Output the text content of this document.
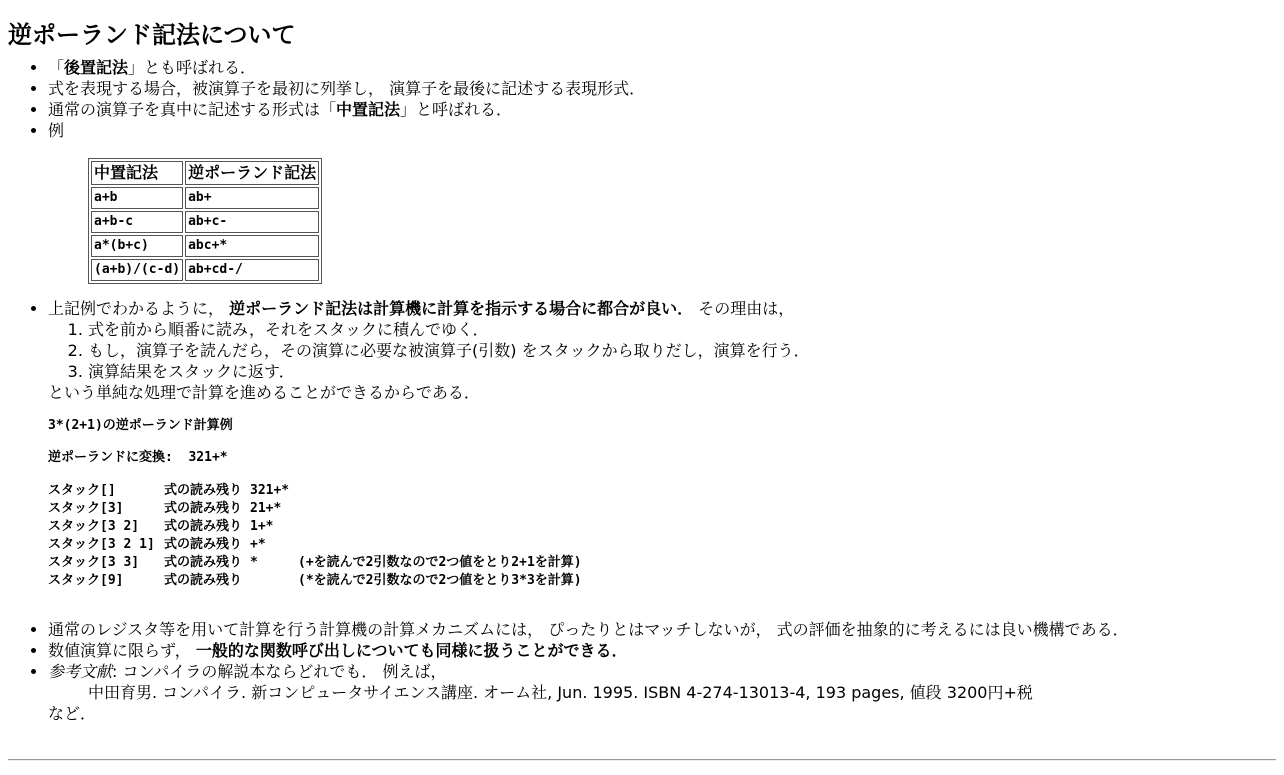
逆ポーランド記法について
• 「後置記法」とも呼ばれる．
• 式を表現する場合，被演算子を最初に列挙し， 演算子を最後に記述する表現形式．
• 通常の演算子を真中に記述する形式は「中置記法」と呼ばれる．
• 例
中置記法	逆ポーランド記法
a+b	ab+
a+b-c	ab+c-
a*(b+c)	abc+*
(a+b)/(c-d)	ab+cd-/
• 上記例でわかるように， 逆ポーランド記法は計算機に計算を指示する場合に都合が良い． その理由は，
1. 式を前から順番に読み，それをスタックに積んでゆく．
2. もし，演算子を読んだら，その演算に必要な被演算子(引数) をスタックから取りだし，演算を行う．
3. 演算結果をスタックに返す．
という単純な処理で計算を進めることができるからである．
3*(2+1)の逆ポーランド計算例
逆ポーランドに変換:  321+*
スタック[]	式の読み残り 321+*
スタック[3]	式の読み残り 21+*
スタック[3 2]	式の読み残り 1+*
スタック[3 2 1] 式の読み残り +*
スタック[3 3]	式の読み残り *	(+を読んで2引数なので2つ値をとり2+1を計算)
スタック[9]	式の読み残り	(*を読んで2引数なので2つ値をとり3*3を計算)
• 通常のレジスタ等を用いて計算を行う計算機の計算メカニズムには， ぴったりとはマッチしないが， 式の評価を抽象的に考えるには良い機構である．
• 数値演算に限らず， 一般的な関数呼び出しについても同様に扱うことができる．
• 参考文献: コンパイラの解説本ならどれでも． 例えば，
中田育男. コンパイラ. 新コンピュータサイエンス講座. オーム社, Jun. 1995. ISBN 4-274-13013-4, 193 pages, 値段 3200円+税
など．
